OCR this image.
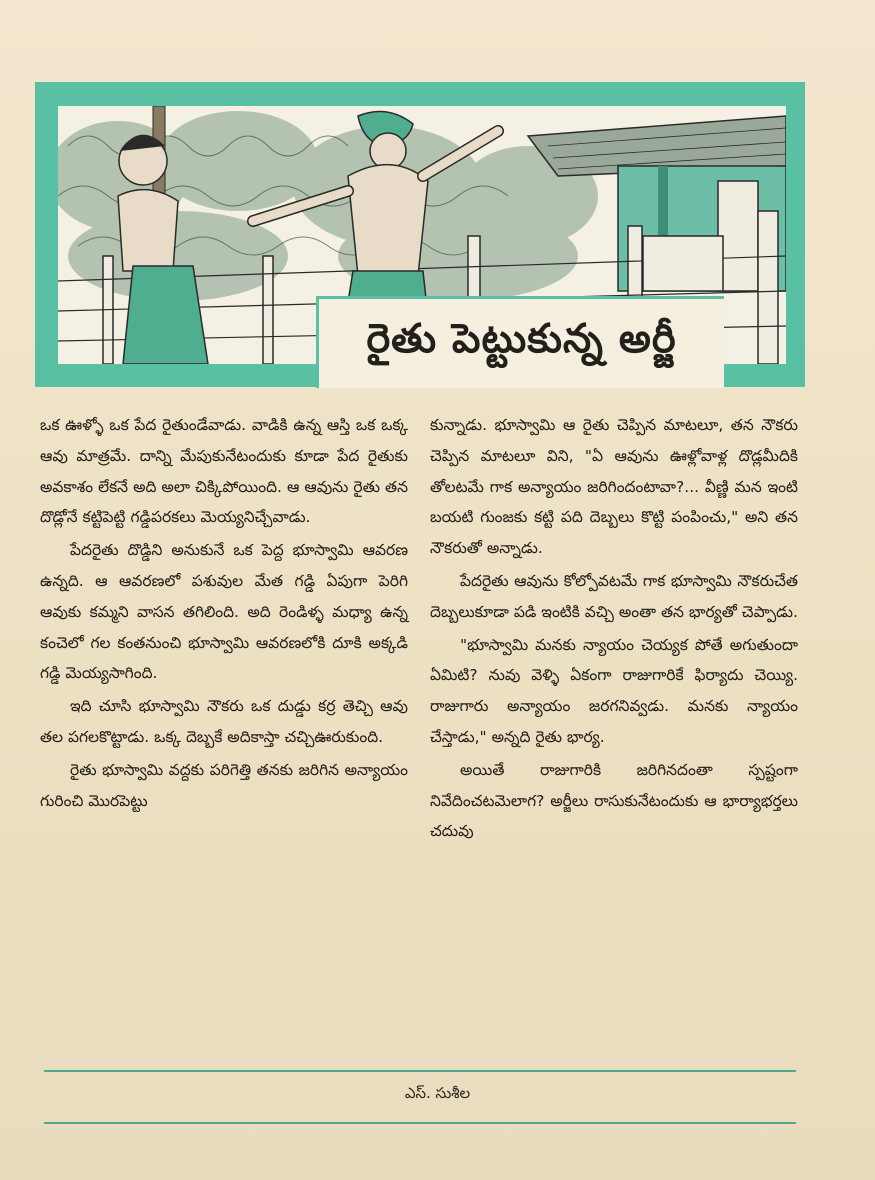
రైతు పెట్టుకున్న అర్జీ

ఒక ఊళ్ళో ఒక పేద రైతుండేవాడు. వాడికి ఉన్న ఆస్తి ఒక ఒక్క ఆవు మాత్రమే. దాన్ని మేపుకునేటందుకు కూడా పేద రైతుకు అవకాశం లేకనే అది అలా చిక్కిపోయింది. ఆ ఆవును రైతు తన దొడ్లోనే కట్టిపెట్టి గడ్డిపరకలు మెయ్యనిచ్చేవాడు.

పేదరైతు దొడ్డిని అనుకునే ఒక పెద్ద భూస్వామి ఆవరణ ఉన్నది. ఆ ఆవరణలో పశువుల మేత గడ్డి ఏపుగా పెరిగి ఆవుకు కమ్మని వాసన తగిలింది. అది రెండిళ్ళ మధ్యా ఉన్న కంచెలో గల కంతనుంచి భూస్వామి ఆవరణలోకి దూకి అక్కడి గడ్డి మెయ్యసాగింది.

ఇది చూసి భూస్వామి నౌకరు ఒక దుడ్డు కర్ర తెచ్చి ఆవు తల పగలకొట్టాడు. ఒక్క దెబ్బకే అదికాస్తా చచ్చిఊరుకుంది.

రైతు భూస్వామి వద్దకు పరిగెత్తి తనకు జరిగిన అన్యాయం గురించి మొరపెట్టు

కున్నాడు. భూస్వామి ఆ రైతు చెప్పిన మాటలూ, తన నౌకరు చెప్పిన మాటలూ విని, "ఏ ఆవును ఊళ్లోవాళ్ల దొడ్లమీదికి తోలటమే గాక అన్యాయం జరిగిందంటావా?... వీణ్ణి మన ఇంటి బయటి గుంజకు కట్టి పది దెబ్బలు కొట్టి పంపించు," అని తన నౌకరుతో అన్నాడు.

పేదరైతు ఆవును కోల్పోవటమే గాక భూస్వామి నౌకరుచేత దెబ్బలుకూడా పడి ఇంటికి వచ్చి అంతా తన భార్యతో చెప్పాడు.

"భూస్వామి మనకు న్యాయం చెయ్యక పోతే అగుతుందా ఏమిటి? నువు వెళ్ళి ఏకంగా రాజుగారికే ఫిర్యాదు చెయ్యి. రాజుగారు అన్యాయం జరగనివ్వడు. మనకు న్యాయం చేస్తాడు," అన్నది రైతు భార్య.

అయితే రాజుగారికి జరిగినదంతా స్పష్టంగా నివేదించటమెలాగ? అర్జీలు రాసుకునేటందుకు ఆ భార్యాభర్తలు చదువు

ఎస్. సుశీల
